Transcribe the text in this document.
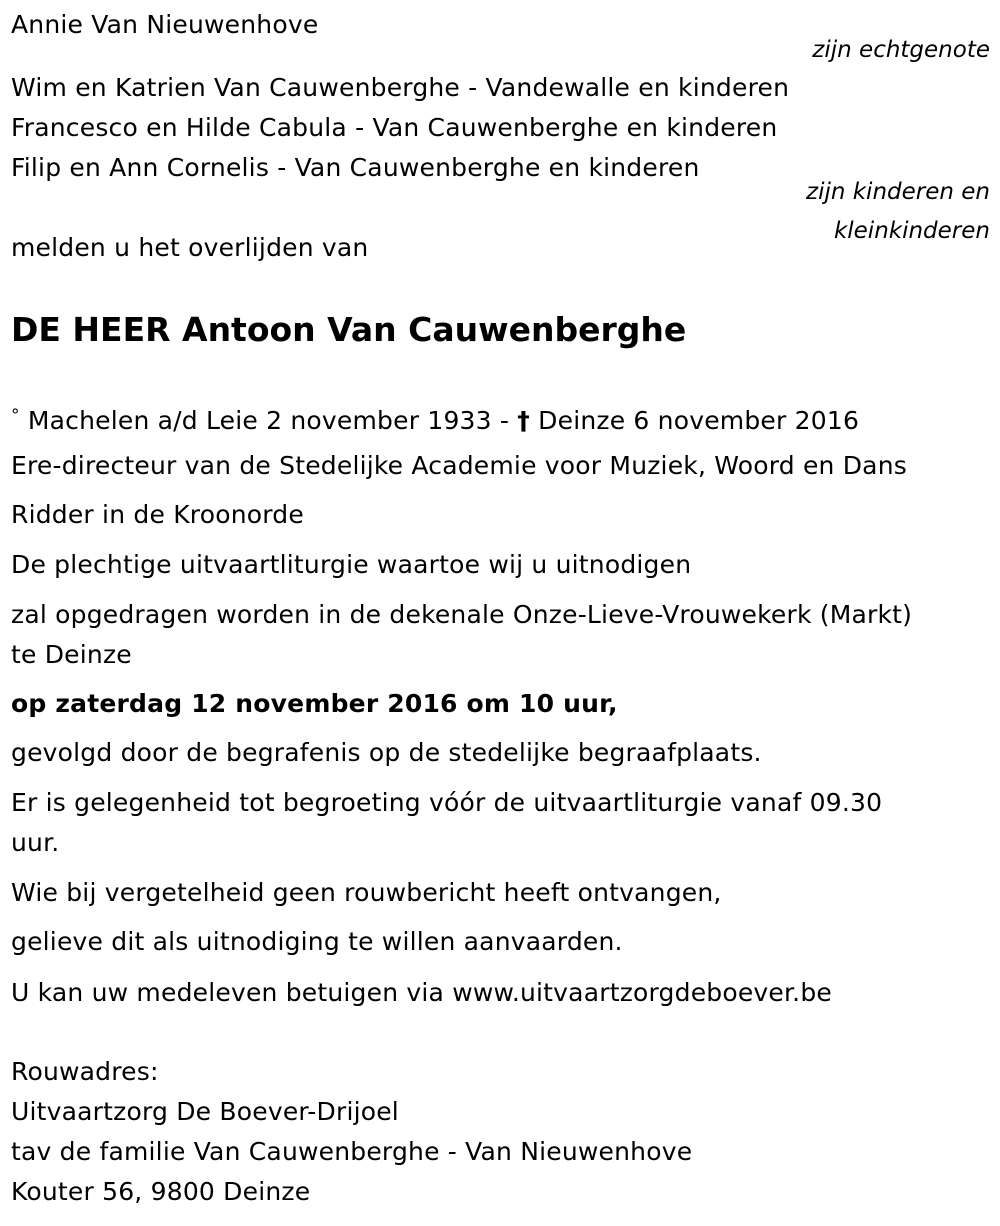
Annie Van Nieuwenhove
zijn echtgenote
Wim en Katrien Van Cauwenberghe - Vandewalle en kinderen
Francesco en Hilde Cabula - Van Cauwenberghe en kinderen
Filip en Ann Cornelis - Van Cauwenberghe en kinderen
zijn kinderen en
kleinkinderen
melden u het overlijden van
DE HEER Antoon Van Cauwenberghe
° Machelen a/d Leie 2 november 1933 - † Deinze 6 november 2016
Ere-directeur van de Stedelijke Academie voor Muziek, Woord en Dans
Ridder in de Kroonorde
De plechtige uitvaartliturgie waartoe wij u uitnodigen
zal opgedragen worden in de dekenale Onze-Lieve-Vrouwekerk (Markt)
te Deinze
op zaterdag 12 november 2016 om 10 uur,
gevolgd door de begrafenis op de stedelijke begraafplaats.
Er is gelegenheid tot begroeting vóór de uitvaartliturgie vanaf 09.30
uur.
Wie bij vergetelheid geen rouwbericht heeft ontvangen,
gelieve dit als uitnodiging te willen aanvaarden.
U kan uw medeleven betuigen via www.uitvaartzorgdeboever.be
Rouwadres:
Uitvaartzorg De Boever-Drijoel
tav de familie Van Cauwenberghe - Van Nieuwenhove
Kouter 56, 9800 Deinze
